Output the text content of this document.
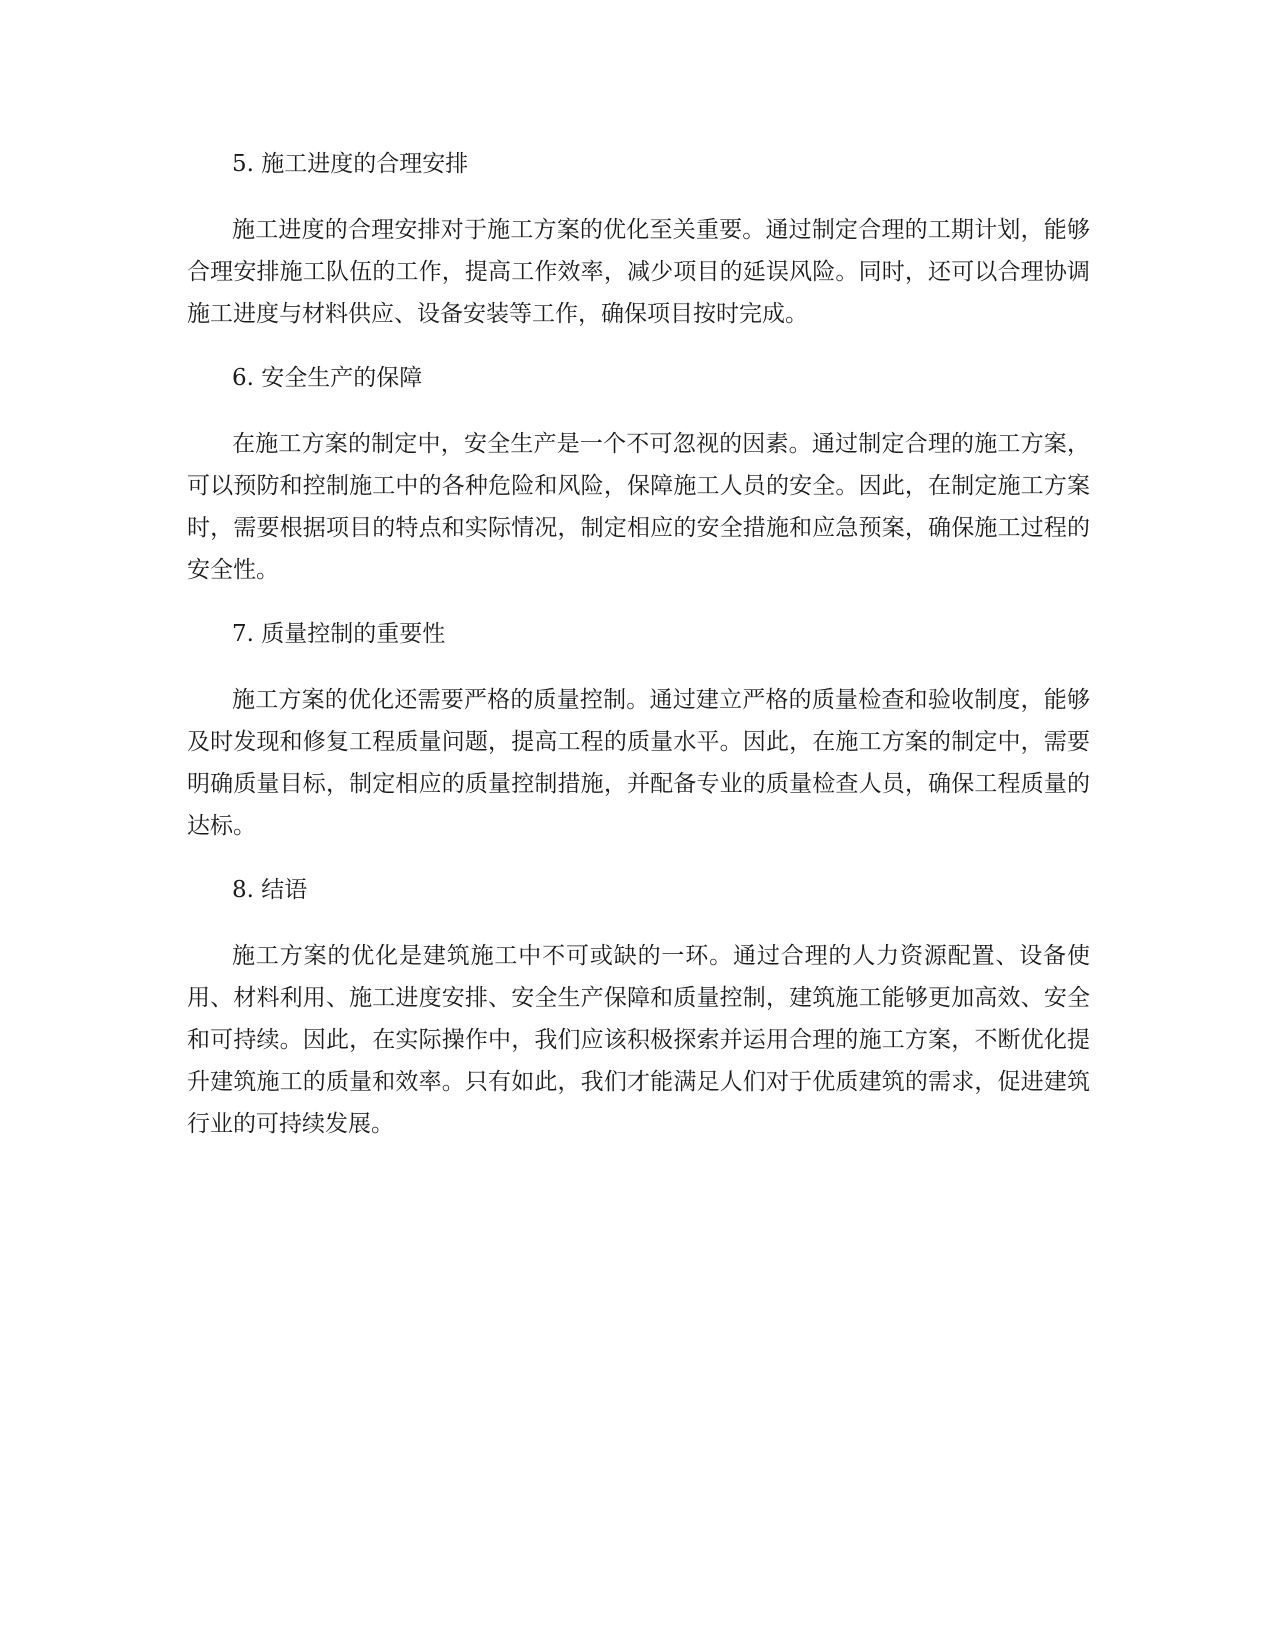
5. 施工进度的合理安排

施工进度的合理安排对于施工方案的优化至关重要。通过制定合理的工期计划，能够合理安排施工队伍的工作，提高工作效率，减少项目的延误风险。同时，还可以合理协调施工进度与材料供应、设备安装等工作，确保项目按时完成。

6. 安全生产的保障

在施工方案的制定中，安全生产是一个不可忽视的因素。通过制定合理的施工方案，可以预防和控制施工中的各种危险和风险，保障施工人员的安全。因此，在制定施工方案时，需要根据项目的特点和实际情况，制定相应的安全措施和应急预案，确保施工过程的安全性。

7. 质量控制的重要性

施工方案的优化还需要严格的质量控制。通过建立严格的质量检查和验收制度，能够及时发现和修复工程质量问题，提高工程的质量水平。因此，在施工方案的制定中，需要明确质量目标，制定相应的质量控制措施，并配备专业的质量检查人员，确保工程质量的达标。

8. 结语

施工方案的优化是建筑施工中不可或缺的一环。通过合理的人力资源配置、设备使用、材料利用、施工进度安排、安全生产保障和质量控制，建筑施工能够更加高效、安全和可持续。因此，在实际操作中，我们应该积极探索并运用合理的施工方案，不断优化提升建筑施工的质量和效率。只有如此，我们才能满足人们对于优质建筑的需求，促进建筑行业的可持续发展。
